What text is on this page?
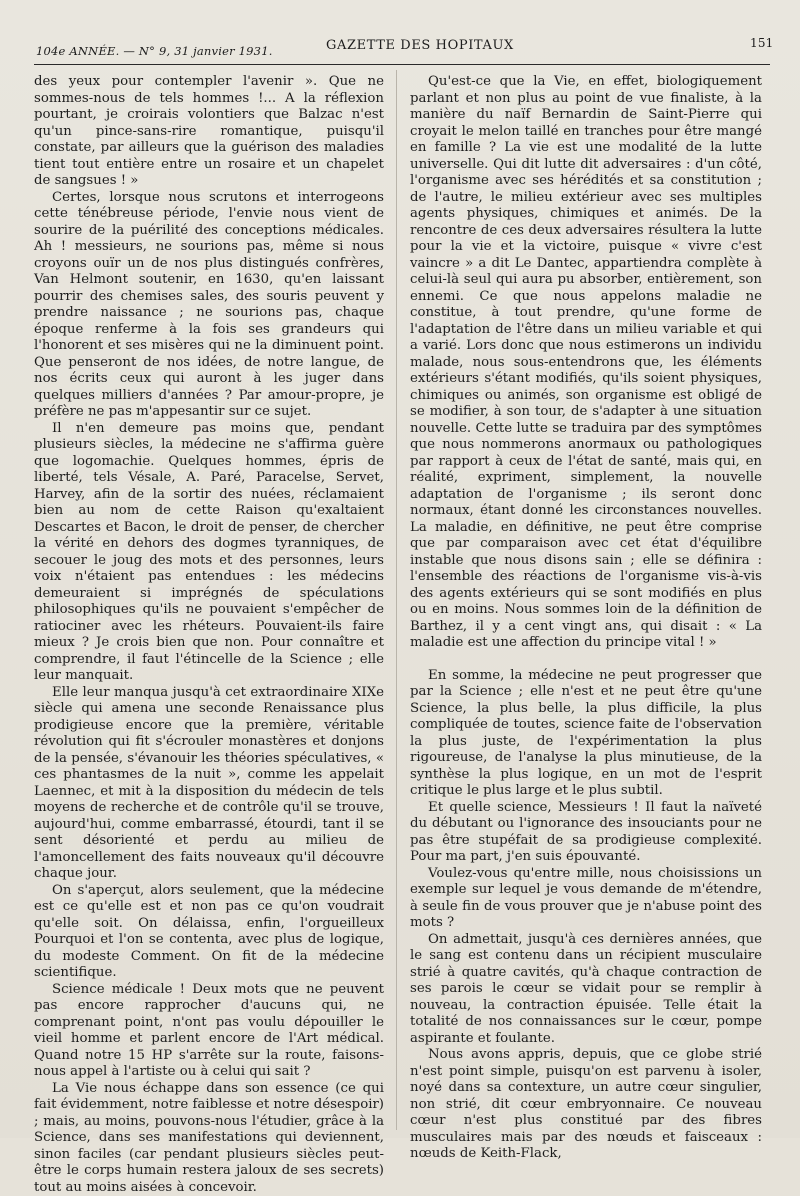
104e ANNÉE. — N° 9, 31 janvier 1931.	GAZETTE DES HOPITAUX	151

des yeux pour contempler l'avenir ». Que ne sommes-nous de tels hommes !... A la réflexion pourtant, je croirais volontiers que Balzac n'est qu'un pince-sans-rire romantique, puisqu'il constate, par ailleurs que la guérison des maladies tient tout entière entre un rosaire et un chapelet de sangsues ! »

Certes, lorsque nous scrutons et interrogeons cette ténébreuse période, l'envie nous vient de sourire de la puérilité des conceptions médicales. Ah ! messieurs, ne sourions pas, même si nous croyons ouïr un de nos plus distingués confrères, Van Helmont soutenir, en 1630, qu'en laissant pourrir des chemises sales, des souris peuvent y prendre naissance ; ne sourions pas, chaque époque renferme à la fois ses grandeurs qui l'honorent et ses misères qui ne la diminuent point. Que penseront de nos idées, de notre langue, de nos écrits ceux qui auront à les juger dans quelques milliers d'années ? Par amour-propre, je préfère ne pas m'appesantir sur ce sujet.

Il n'en demeure pas moins que, pendant plusieurs siècles, la médecine ne s'affirma guère que logomachie. Quelques hommes, épris de liberté, tels Vésale, A. Paré, Paracelse, Servet, Harvey, afin de la sortir des nuées, réclamaient bien au nom de cette Raison qu'exaltaient Descartes et Bacon, le droit de penser, de chercher la vérité en dehors des dogmes tyranniques, de secouer le joug des mots et des personnes, leurs voix n'étaient pas entendues : les médecins demeuraient si imprégnés de spéculations philosophiques qu'ils ne pouvaient s'empêcher de ratiociner avec les rhéteurs. Pouvaient-ils faire mieux ? Je crois bien que non. Pour connaître et comprendre, il faut l'étincelle de la Science ; elle leur manquait.

Elle leur manqua jusqu'à cet extraordinaire XIXe siècle qui amena une seconde Renaissance plus prodigieuse encore que la première, véritable révolution qui fit s'écrouler monastères et donjons de la pensée, s'évanouir les théories spéculatives, « ces phantasmes de la nuit », comme les appelait Laennec, et mit à la disposition du médecin de tels moyens de recherche et de contrôle qu'il se trouve, aujourd'hui, comme embarrassé, étourdi, tant il se sent désorienté et perdu au milieu de l'amoncellement des faits nouveaux qu'il découvre chaque jour.

On s'aperçut, alors seulement, que la médecine est ce qu'elle est et non pas ce qu'on voudrait qu'elle soit. On délaissa, enfin, l'orgueilleux Pourquoi et l'on se contenta, avec plus de logique, du modeste Comment. On fit de la médecine scientifique.

Science médicale ! Deux mots que ne peuvent pas encore rapprocher d'aucuns qui, ne comprenant point, n'ont pas voulu dépouiller le vieil homme et parlent encore de l'Art médical. Quand notre 15 HP s'arrête sur la route, faisons-nous appel à l'artiste ou à celui qui sait ?

La Vie nous échappe dans son essence (ce qui fait évidemment, notre faiblesse et notre désespoir) ; mais, au moins, pouvons-nous l'étudier, grâce à la Science, dans ses manifestations qui deviennent, sinon faciles (car pendant plusieurs siècles peut-être le corps humain restera jaloux de ses secrets) tout au moins aisées à concevoir.

Qu'est-ce que la Vie, en effet, biologiquement parlant et non plus au point de vue finaliste, à la manière du naïf Bernardin de Saint-Pierre qui croyait le melon taillé en tranches pour être mangé en famille ? La vie est une modalité de la lutte universelle. Qui dit lutte dit adversaires : d'un côté, l'organisme avec ses hérédités et sa constitution ; de l'autre, le milieu extérieur avec ses multiples agents physiques, chimiques et animés. De la rencontre de ces deux adversaires résultera la lutte pour la vie et la victoire, puisque « vivre c'est vaincre » a dit Le Dantec, appartiendra complète à celui-là seul qui aura pu absorber, entièrement, son ennemi. Ce que nous appelons maladie ne constitue, à tout prendre, qu'une forme de l'adaptation de l'être dans un milieu variable et qui a varié. Lors donc que nous estimerons un individu malade, nous sous-entendrons que, les éléments extérieurs s'étant modifiés, qu'ils soient physiques, chimiques ou animés, son organisme est obligé de se modifier, à son tour, de s'adapter à une situation nouvelle. Cette lutte se traduira par des symptômes que nous nommerons anormaux ou pathologiques par rapport à ceux de l'état de santé, mais qui, en réalité, expriment, simplement, la nouvelle adaptation de l'organisme ; ils seront donc normaux, étant donné les circonstances nouvelles. La maladie, en définitive, ne peut être comprise que par comparaison avec cet état d'équilibre instable que nous disons sain ; elle se définira : l'ensemble des réactions de l'organisme vis-à-vis des agents extérieurs qui se sont modifiés en plus ou en moins. Nous sommes loin de la définition de Barthez, il y a cent vingt ans, qui disait : « La maladie est une affection du principe vital ! »

En somme, la médecine ne peut progresser que par la Science ; elle n'est et ne peut être qu'une Science, la plus belle, la plus difficile, la plus compliquée de toutes, science faite de l'observation la plus juste, de l'expérimentation la plus rigoureuse, de l'analyse la plus minutieuse, de la synthèse la plus logique, en un mot de l'esprit critique le plus large et le plus subtil.

Et quelle science, Messieurs ! Il faut la naïveté du débutant ou l'ignorance des insouciants pour ne pas être stupéfait de sa prodigieuse complexité. Pour ma part, j'en suis épouvanté.

Voulez-vous qu'entre mille, nous choisissions un exemple sur lequel je vous demande de m'étendre, à seule fin de vous prouver que je n'abuse point des mots ?

On admettait, jusqu'à ces dernières années, que le sang est contenu dans un récipient musculaire strié à quatre cavités, qu'à chaque contraction de ses parois le cœur se vidait pour se remplir à nouveau, la contraction épuisée. Telle était la totalité de nos connaissances sur le cœur, pompe aspirante et foulante.

Nous avons appris, depuis, que ce globe strié n'est point simple, puisqu'on est parvenu à isoler, noyé dans sa contexture, un autre cœur singulier, non strié, dit cœur embryonnaire. Ce nouveau cœur n'est plus constitué par des fibres musculaires mais par des nœuds et faisceaux : nœuds de Keith-Flack,
